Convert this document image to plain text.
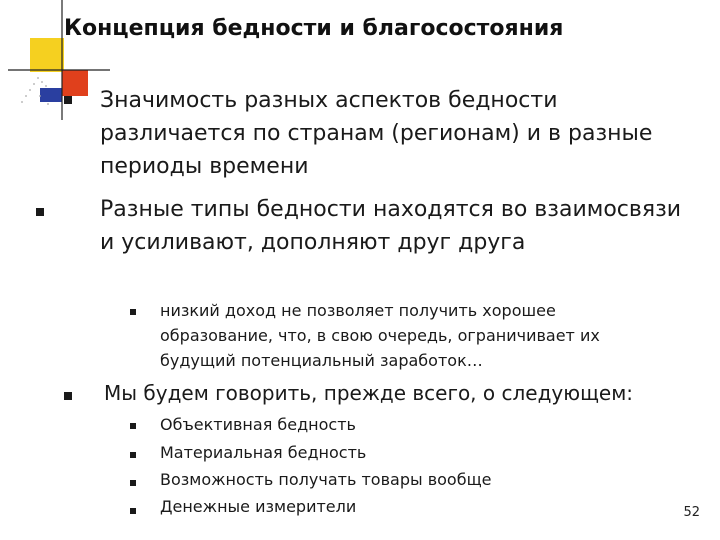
Концепция бедности и благосостояния
Значимость разных аспектов бедности различается по странам (регионам) и в разные периоды времени
Разные типы бедности находятся во взаимосвязи и усиливают, дополняют друг друга
низкий доход не позволяет получить хорошее образование, что, в свою очередь, ограничивает их будущий потенциальный заработок…
Мы будем говорить, прежде всего, о следующем:
Объективная бедность
Материальная бедность
Возможность получать товары вообще
Денежные измерители	52
